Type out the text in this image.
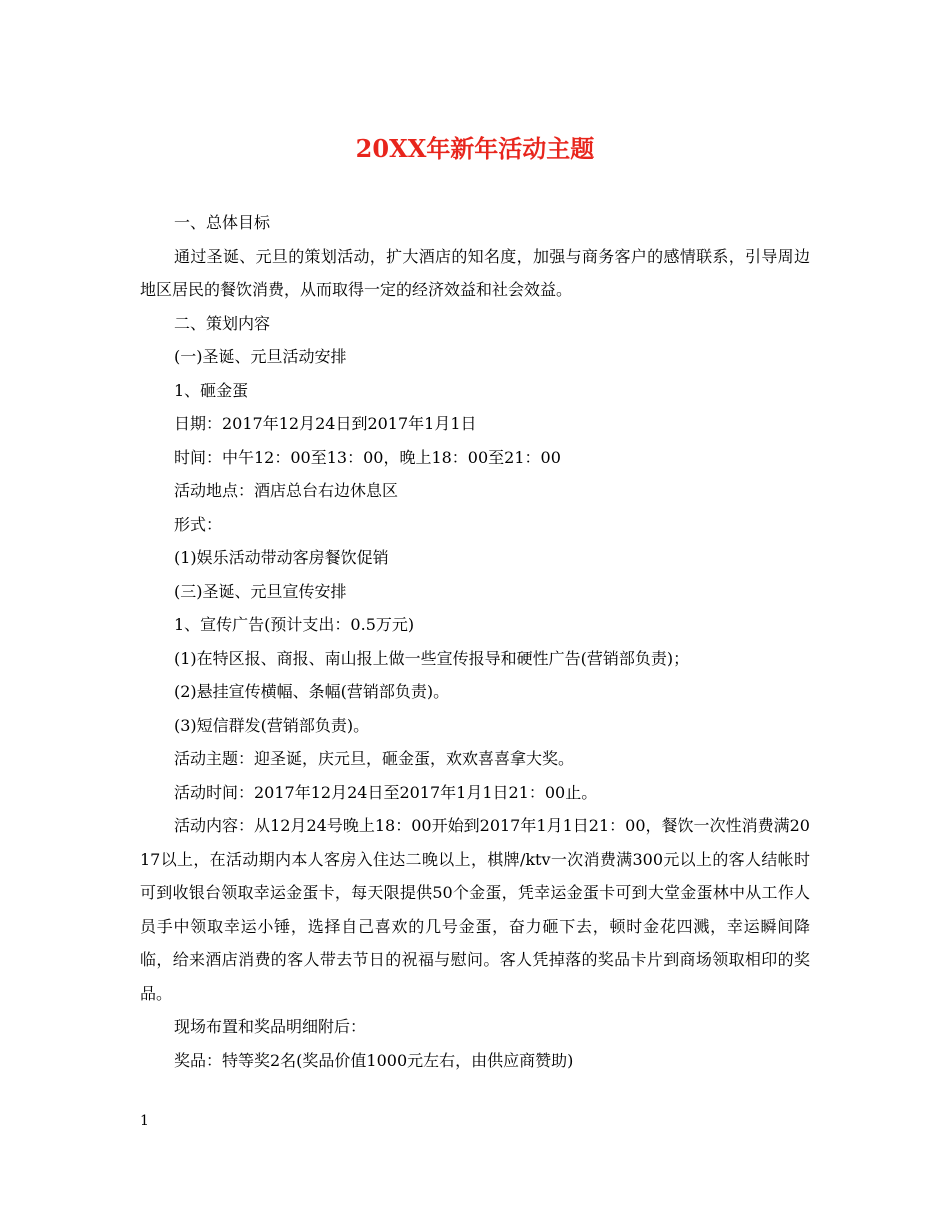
20XX年新年活动主题

一、总体目标

通过圣诞、元旦的策划活动，扩大酒店的知名度，加强与商务客户的感情联系，引导周边地区居民的餐饮消费，从而取得一定的经济效益和社会效益。

二、策划内容

(一)圣诞、元旦活动安排

1、砸金蛋

日期：2017年12月24日到2017年1月1日

时间：中午12：00至13：00，晚上18：00至21：00

活动地点：酒店总台右边休息区

形式：

(1)娱乐活动带动客房餐饮促销

(三)圣诞、元旦宣传安排

1、宣传广告(预计支出：0.5万元)

(1)在特区报、商报、南山报上做一些宣传报导和硬性广告(营销部负责)；

(2)悬挂宣传横幅、条幅(营销部负责)。

(3)短信群发(营销部负责)。

活动主题：迎圣诞，庆元旦，砸金蛋，欢欢喜喜拿大奖。

活动时间：2017年12月24日至2017年1月1日21：00止。

活动内容：从12月24号晚上18：00开始到2017年1月1日21：00，餐饮一次性消费满2017以上，在活动期内本人客房入住达二晚以上，棋牌/ktv一次消费满300元以上的客人结帐时可到收银台领取幸运金蛋卡，每天限提供50个金蛋，凭幸运金蛋卡可到大堂金蛋林中从工作人员手中领取幸运小锤，选择自己喜欢的几号金蛋，奋力砸下去，顿时金花四溅，幸运瞬间降临，给来酒店消费的客人带去节日的祝福与慰问。客人凭掉落的奖品卡片到商场领取相印的奖品。

现场布置和奖品明细附后：

奖品：特等奖2名(奖品价值1000元左右，由供应商赞助)

1
